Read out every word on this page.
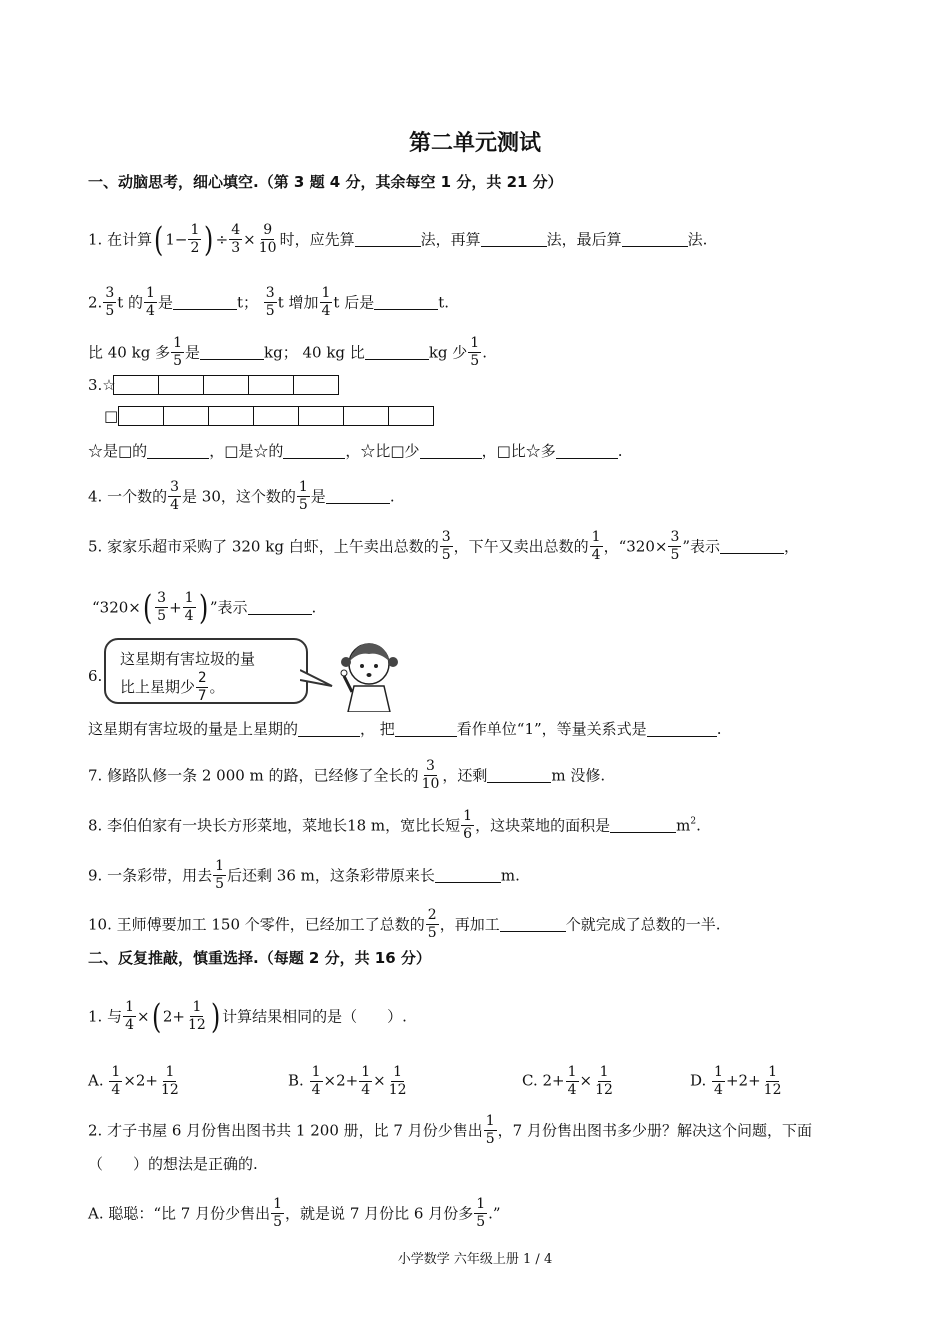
第二单元测试
一、动脑思考，细心填空.（第 3 题 4 分，其余每空 1 分，共 21 分）
1. 在计算( $1- \frac{1}{2}$ ) ÷ $\frac{4}{3} \times \frac{9}{10}$ 时，应先算	法，再算	法，最后算	法.
2. $\frac{3}{5}$ t 的 $\frac{1}{4}$ 是	t； $\frac{3}{5}$ t 增加 $\frac{1}{4}$ t 后是	t.
比 40 kg 多 $\frac{1}{5}$ 是	kg； 40 kg 比	kg 少 $\frac{1}{5}$ .
3.☆
□
☆是□的	，□是☆的	，☆比□少	，□比☆多	.
4. 一个数的 $\frac{3}{4}$ 是 30，这个数的 $\frac{1}{5}$ 是	.
5. 家家乐超市采购了 320 kg 白虾，上午卖出总数的 $\frac{3}{5}$ ，下午又卖出总数的 $\frac{1}{4}$ ，“$320\times \frac{3}{5}$ ”表示	，
“$320\times( \frac{3}{5} + \frac{1}{4}$ ) ”表示	.
6.
这星期有害垃圾的量
比上星期少 $\frac{2}{7}$ 。
这星期有害垃圾的量是上星期的	， 把	看作单位“1”，等量关系式是	.
7. 修路队修一条 2 000 m 的路，已经修了全长的 $\frac{3}{10}$ ，还剩	m 没修.
8. 李伯伯家有一块长方形菜地，菜地长18 m，宽比长短 $\frac{1}{6}$ ，这块菜地的面积是	$m^2$.
9. 一条彩带，用去 $\frac{1}{5}$ 后还剩 36 m，这条彩带原来长	m.
10. 王师傅要加工 150 个零件，已经加工了总数的 $\frac{2}{5}$ ，再加工	个就完成了总数的一半.
二、反复推敲，慎重选择.（每题 2 分，共 16 分）
1. 与 $\frac{1}{4}$ ×( $2+ \frac{1}{12}$ ) 计算结果相同的是（　　）.
A. $\frac{1}{4} \times 2+ \frac{1}{12}$	B. $\frac{1}{4} \times 2+ \frac{1}{4} \times \frac{1}{12}$	C. $2+ \frac{1}{4} \times \frac{1}{12}$	D. $\frac{1}{4} +2+ \frac{1}{12}$
2. 才子书屋 6 月份售出图书共 1 200 册，比 7 月份少售出 $\frac{1}{5}$ ，7 月份售出图书多少册？解决这个问题，下面
（　　）的想法是正确的.
A. 聪聪：“比 7 月份少售出 $\frac{1}{5}$ ，就是说 7 月份比 6 月份多 $\frac{1}{5}$ .”
小学数学 六年级上册 1 / 4
